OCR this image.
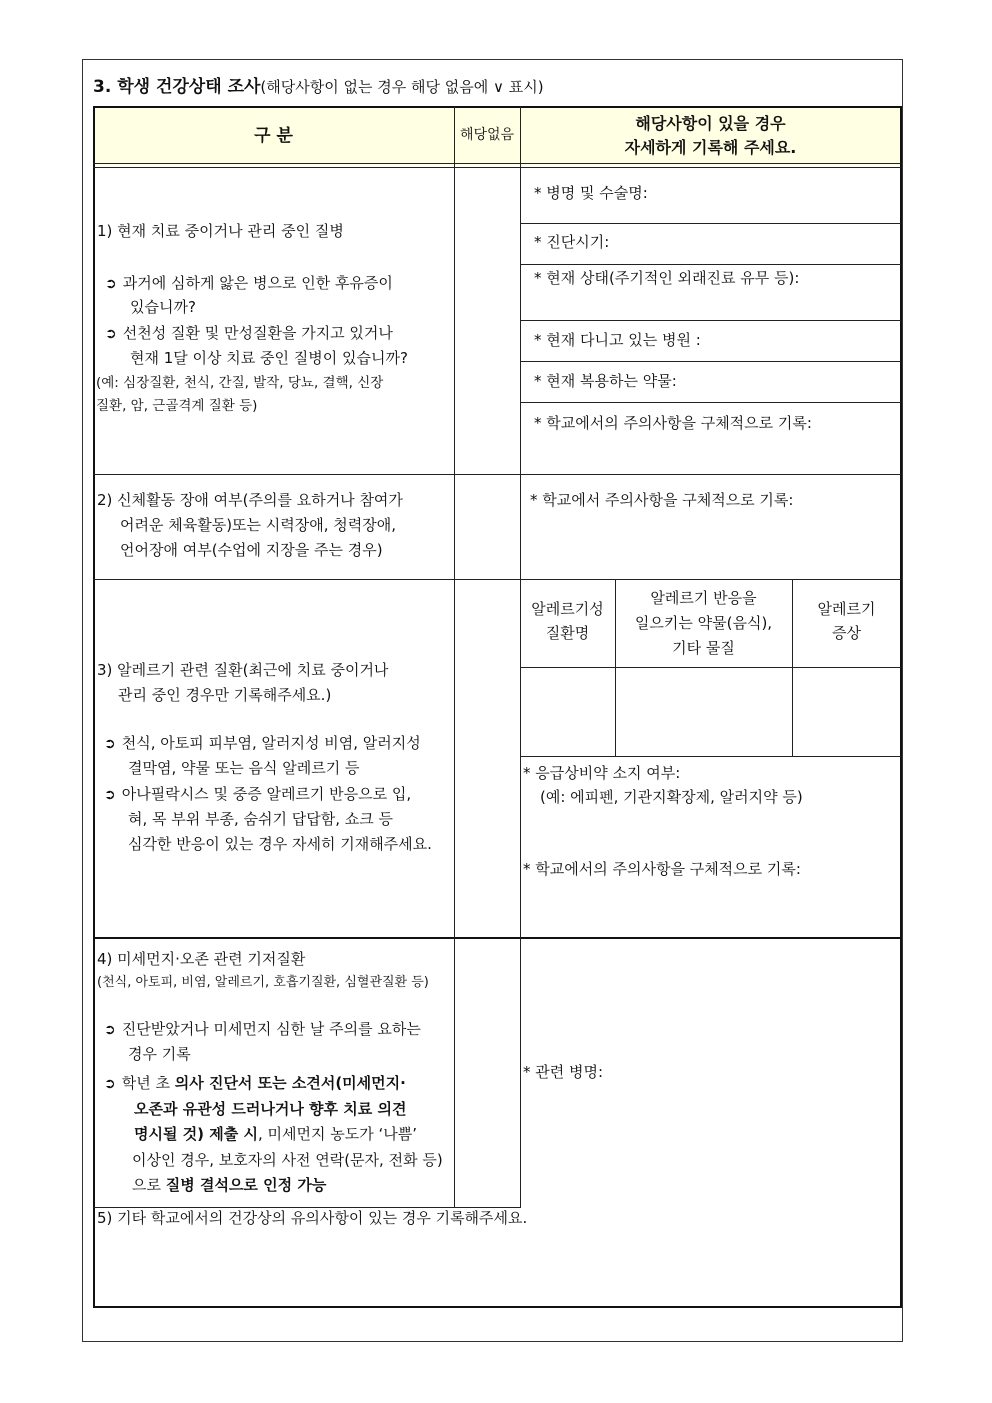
3. 학생 건강상태 조사(해당사항이 없는 경우 해당 없음에 ∨ 표시)
구 분	해당없음
해당사항이 있을 경우
자세하게 기록해 주세요.
1) 현재 치료 중이거나 관리 중인 질병
➲ 과거에 심하게 앓은 병으로 인한 후유증이
있습니까?
➲ 선천성 질환 및 만성질환을 가지고 있거나
현재 1달 이상 치료 중인 질병이 있습니까?
(예: 심장질환, 천식, 간질, 발작, 당뇨, 결핵, 신장
질환, 암, 근골격계 질환 등)
* 병명 및 수술명:
* 진단시기:
* 현재 상태(주기적인 외래진료 유무 등):
* 현재 다니고 있는 병원 :
* 현재 복용하는 약물:
* 학교에서의 주의사항을 구체적으로 기록:
2) 신체활동 장애 여부(주의를 요하거나 참여가
어려운 체육활동)또는 시력장애, 청력장애,
언어장애 여부(수업에 지장을 주는 경우)
* 학교에서 주의사항을 구체적으로 기록:
3) 알레르기 관련 질환(최근에 치료 중이거나
관리 중인 경우만 기록해주세요.)
➲ 천식, 아토피 피부염, 알러지성 비염, 알러지성
결막염, 약물 또는 음식 알레르기 등
➲ 아나필락시스 및 중증 알레르기 반응으로 입,
혀, 목 부위 부종, 숨쉬기 답답함, 쇼크 등
심각한 반응이 있는 경우 자세히 기재해주세요.
알레르기성
질환명
알레르기 반응을
일으키는 약물(음식),
기타 물질
알레르기
증상
* 응급상비약 소지 여부:
(예: 에피펜, 기관지확장제, 알러지약 등)
* 학교에서의 주의사항을 구체적으로 기록:
4) 미세먼지·오존 관련 기저질환
(천식, 아토피, 비염, 알레르기, 호흡기질환, 심혈관질환 등)
➲ 진단받았거나 미세먼지 심한 날 주의를 요하는
경우 기록
➲ 학년 초 의사 진단서 또는 소견서(미세먼지·
오존과 유관성 드러나거나 향후 치료 의견
명시될 것) 제출 시, 미세먼지 농도가 ‘나쁨’
이상인 경우, 보호자의 사전 연락(문자, 전화 등)
으로 질병 결석으로 인정 가능
* 관련 병명:
5) 기타 학교에서의 건강상의 유의사항이 있는 경우 기록해주세요.
